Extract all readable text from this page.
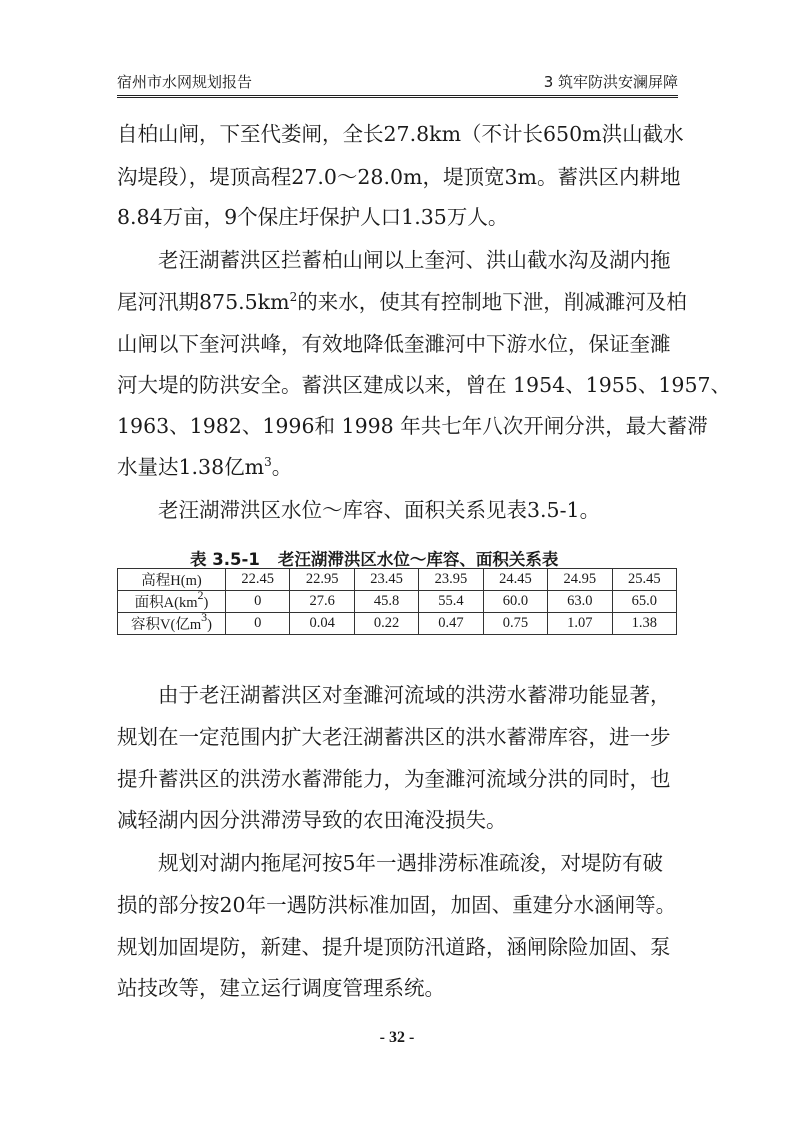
宿州市水网规划报告	3 筑牢防洪安澜屏障
自柏山闸，下至代娄闸，全长27.8km（不计长650m洪山截水
沟堤段），堤顶高程27.0～28.0m，堤顶宽3m。蓄洪区内耕地
8.84万亩，9个保庄圩保护人口1.35万人。
老汪湖蓄洪区拦蓄柏山闸以上奎河、洪山截水沟及湖内拖
尾河汛期$875.5km^2$的来水，使其有控制地下泄，削减濉河及柏
山闸以下奎河洪峰，有效地降低奎濉河中下游水位，保证奎濉
河大堤的防洪安全。蓄洪区建成以来，曾在 1954、1955、1957、
1963、1982、1996和 1998 年共七年八次开闸分洪，最大蓄滞
水量达1.38亿$m^3$。
老汪湖滞洪区水位～库容、面积关系见表3.5-1。
表 3.5-1 老汪湖滞洪区水位～库容、面积关系表
高程H(m)	22.45	22.95	23.45	23.95	24.45	24.95	25.45
面积$A(km^2)$	0	27.6	45.8	55.4	60.0	63.0	65.0
容积V(亿$m^3$)	0	0.04	0.22	0.47	0.75	1.07	1.38
由于老汪湖蓄洪区对奎濉河流域的洪涝水蓄滞功能显著，
规划在一定范围内扩大老汪湖蓄洪区的洪水蓄滞库容，进一步
提升蓄洪区的洪涝水蓄滞能力，为奎濉河流域分洪的同时，也
减轻湖内因分洪滞涝导致的农田淹没损失。
规划对湖内拖尾河按5年一遇排涝标准疏浚，对堤防有破
损的部分按20年一遇防洪标准加固，加固、重建分水涵闸等。
规划加固堤防，新建、提升堤顶防汛道路，涵闸除险加固、泵
站技改等，建立运行调度管理系统。
- 32 -
